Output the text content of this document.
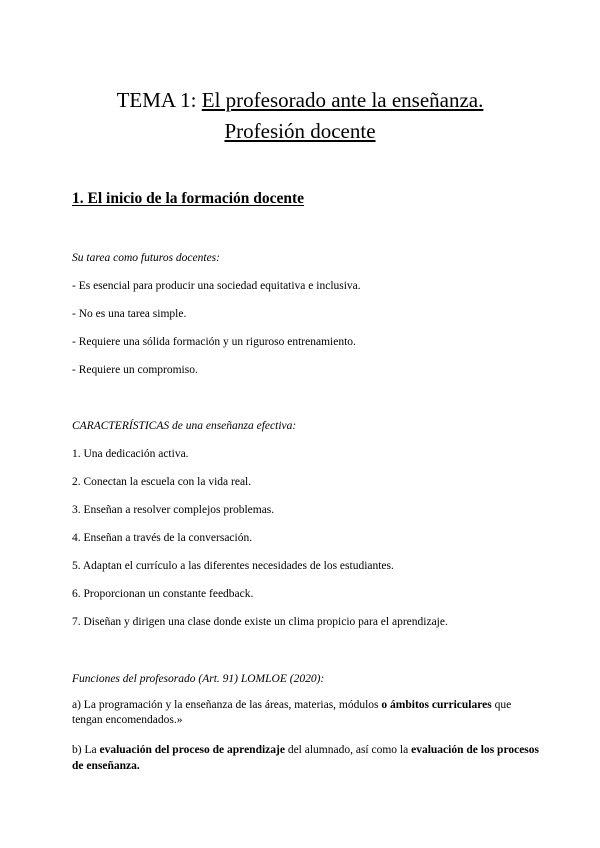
TEMA 1: El profesorado ante la enseñanza.
Profesión docente
1. El inicio de la formación docente

Su tarea como futuros docentes:

- Es esencial para producir una sociedad equitativa e inclusiva.

- No es una tarea simple.

- Requiere una sólida formación y un riguroso entrenamiento.

- Requiere un compromiso.

CARACTERÍSTICAS de una enseñanza efectiva:

1. Una dedicación activa.

2. Conectan la escuela con la vida real.

3. Enseñan a resolver complejos problemas.

4. Enseñan a través de la conversación.

5. Adaptan el currículo a las diferentes necesidades de los estudiantes.

6. Proporcionan un constante feedback.

7. Diseñan y dirigen una clase donde existe un clima propicio para el aprendizaje.

Funciones del profesorado (Art. 91) LOMLOE (2020):

a) La programación y la enseñanza de las áreas, materias, módulos o ámbitos curriculares que tengan encomendados.»

b) La evaluación del proceso de aprendizaje del alumnado, así como la evaluación de los procesos de enseñanza.
